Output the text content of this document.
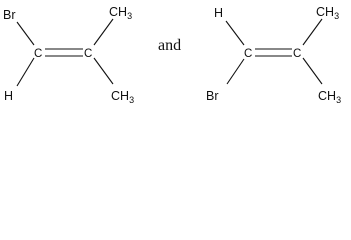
Br
H
C	C
$CH_3$
$CH_3$
and
H
Br
C	C
$CH_3$
$CH_3$
